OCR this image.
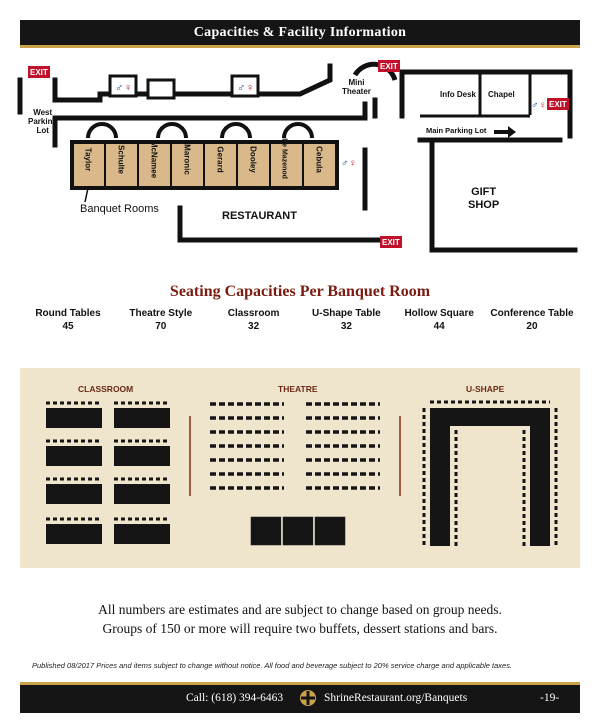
Capacities & Facility Information
♂ ♀	♂ ♀
♂ ♀
♂ ♀
EXIT
EXIT
EXIT
EXIT
West
Parking
Lot
Mini
Theater	Info Desk Chapel
Main Parking Lot
GIFT
SHOP
RESTAURANT
Banquet Rooms
Taylor	Schulte	McNamee	Maronic	Gerard	Dooley	De Mazenod	Cebula
Seating Capacities Per Banquet Room
Round Tables
45
Theatre Style
70
Classroom
32
U-Shape Table
32
Hollow Square
44
Conference Table
20
CLASSROOM	THEATRE	U-SHAPE
All numbers are estimates and are subject to change based on group needs.
Groups of 150 or more will require two buffets, dessert stations and bars.
Published 08/2017 Prices and items subject to change without notice. All food and beverage subject to 20% service charge and applicable taxes.
Call: (618) 394-6463	ShrineRestaurant.org/Banquets	-19-
